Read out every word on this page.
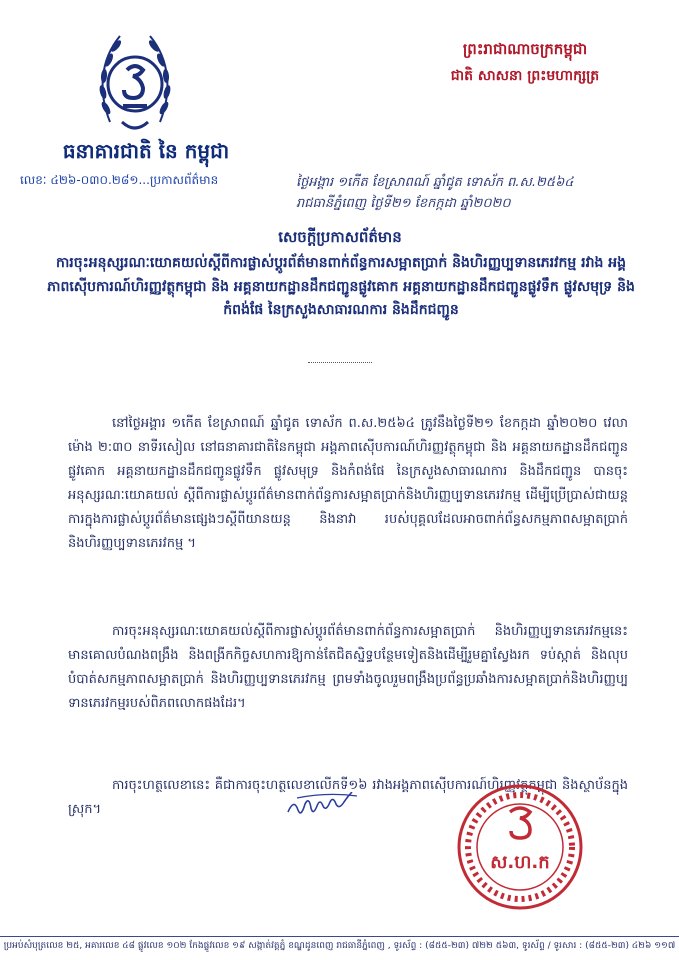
ធនាគារជាតិ នៃ កម្ពុជា
លេខៈ ៤២៦-០៣០.២៨១...ប្រកាសព័ត៌មាន
ព្រះរាជាណាចក្រកម្ពុជា
ជាតិ សាសនា ព្រះមហាក្សត្រ
ថ្ងៃអង្គារ ១កើត ខែស្រាពណ៍ ឆ្នាំជូត ទោស័ក ព.ស.២៥៦៤
រាជធានីភ្នំពេញ ថ្ងៃទី២១ ខែកក្កដា ឆ្នាំ២០២០
សេចក្តីប្រកាសព័ត៌មាន
ការចុះអនុស្សរណៈយោគយល់ស្តីពីការផ្លាស់ប្តូរព័ត៌មានពាក់ព័ន្ធការសម្អាតប្រាក់ និងហិរញ្ញប្បទានភេរវកម្ម រវាង អង្គភាពស៊ើបការណ៍ហិរញ្ញវត្ថុកម្ពុជា និង អគ្គនាយកដ្ឋានដឹកជញ្ជូនផ្លូវគោក អគ្គនាយកដ្ឋានដឹកជញ្ជូនផ្លូវទឹក ផ្លូវសមុទ្រ និងកំពង់ផែ នៃក្រសួងសាធារណការ និងដឹកជញ្ជូន
នៅថ្ងៃអង្គារ ១កើត ខែស្រាពណ៍ ឆ្នាំជូត ទោស័ក ព.ស.២៥៦៤ ត្រូវនឹងថ្ងៃទី២១ ខែកក្កដា ឆ្នាំ២០២០ វេលាម៉ោង ២:៣០ នាទីរសៀល នៅធនាគារជាតិនៃកម្ពុជា អង្គភាពស៊ើបការណ៍ហិរញ្ញវត្ថុកម្ពុជា និង អគ្គនាយកដ្ឋានដឹកជញ្ជូនផ្លូវគោក អគ្គនាយកដ្ឋានដឹកជញ្ជូនផ្លូវទឹក ផ្លូវសមុទ្រ និងកំពង់ផែ នៃក្រសួងសាធារណការ និងដឹកជញ្ជូន បានចុះអនុស្សរណៈយោគយល់ ស្តីពីការផ្លាស់ប្តូរព័ត៌មានពាក់ព័ន្ធការសម្អាតប្រាក់និងហិរញ្ញប្បទានភេរវកម្ម ដើម្បីប្រើប្រាស់ជាយន្តការក្នុងការផ្លាស់ប្តូរព័ត៌មានផ្សេងៗស្តីពីយានយន្ត និងនាវា របស់បុគ្គលដែលអាចពាក់ព័ន្ធសកម្មភាពសម្អាតប្រាក់ និងហិរញ្ញប្បទានភេរវកម្ម ។
ការចុះអនុស្សរណៈយោគយល់ស្តីពីការផ្លាស់ប្តូរព័ត៌មានពាក់ព័ន្ធការសម្អាតប្រាក់ និងហិរញ្ញប្បទានភេរវកម្មនេះ មានគោលបំណងពង្រឹង និងពង្រីកកិច្ចសហការឱ្យកាន់តែជិតស្និទ្ធបន្ថែមទៀតនិងដើម្បីរួមគ្នាស្វែងរក ទប់ស្កាត់ និងលុបបំបាត់សកម្មភាពសម្អាតប្រាក់ និងហិរញ្ញប្បទានភេរវកម្ម ព្រមទាំងចូលរួមពង្រឹងប្រព័ន្ធប្រឆាំងការសម្អាតប្រាក់និងហិរញ្ញប្បទានភេរវកម្មរបស់ពិភពលោកផងដែរ។
ការចុះហត្ថលេខានេះ គឺជាការចុះហត្ថលេខាលើកទី១៦ រវាងអង្គភាពស៊ើបការណ៍ហិរញ្ញវត្ថុកម្ពុជា និងស្ថាប័នក្នុងស្រុក។
ស.ហ.ក
ប្រអប់សំបុត្រលេខ ២៥, អគារលេខ ៤៨ ផ្លូវលេខ ១០២ កែងផ្លូវលេខ ១៩ សង្កាត់វត្តភ្នំ ខណ្ឌដូនពេញ រាជធានីភ្នំពេញ , ទូរស័ព្ទ : (៨៥៥-២៣) ៧២២ ៥៦៣, ទូរស័ព្ទ / ទូរសារ : (៨៥៥-២៣) ៤២៦ ១១៧
